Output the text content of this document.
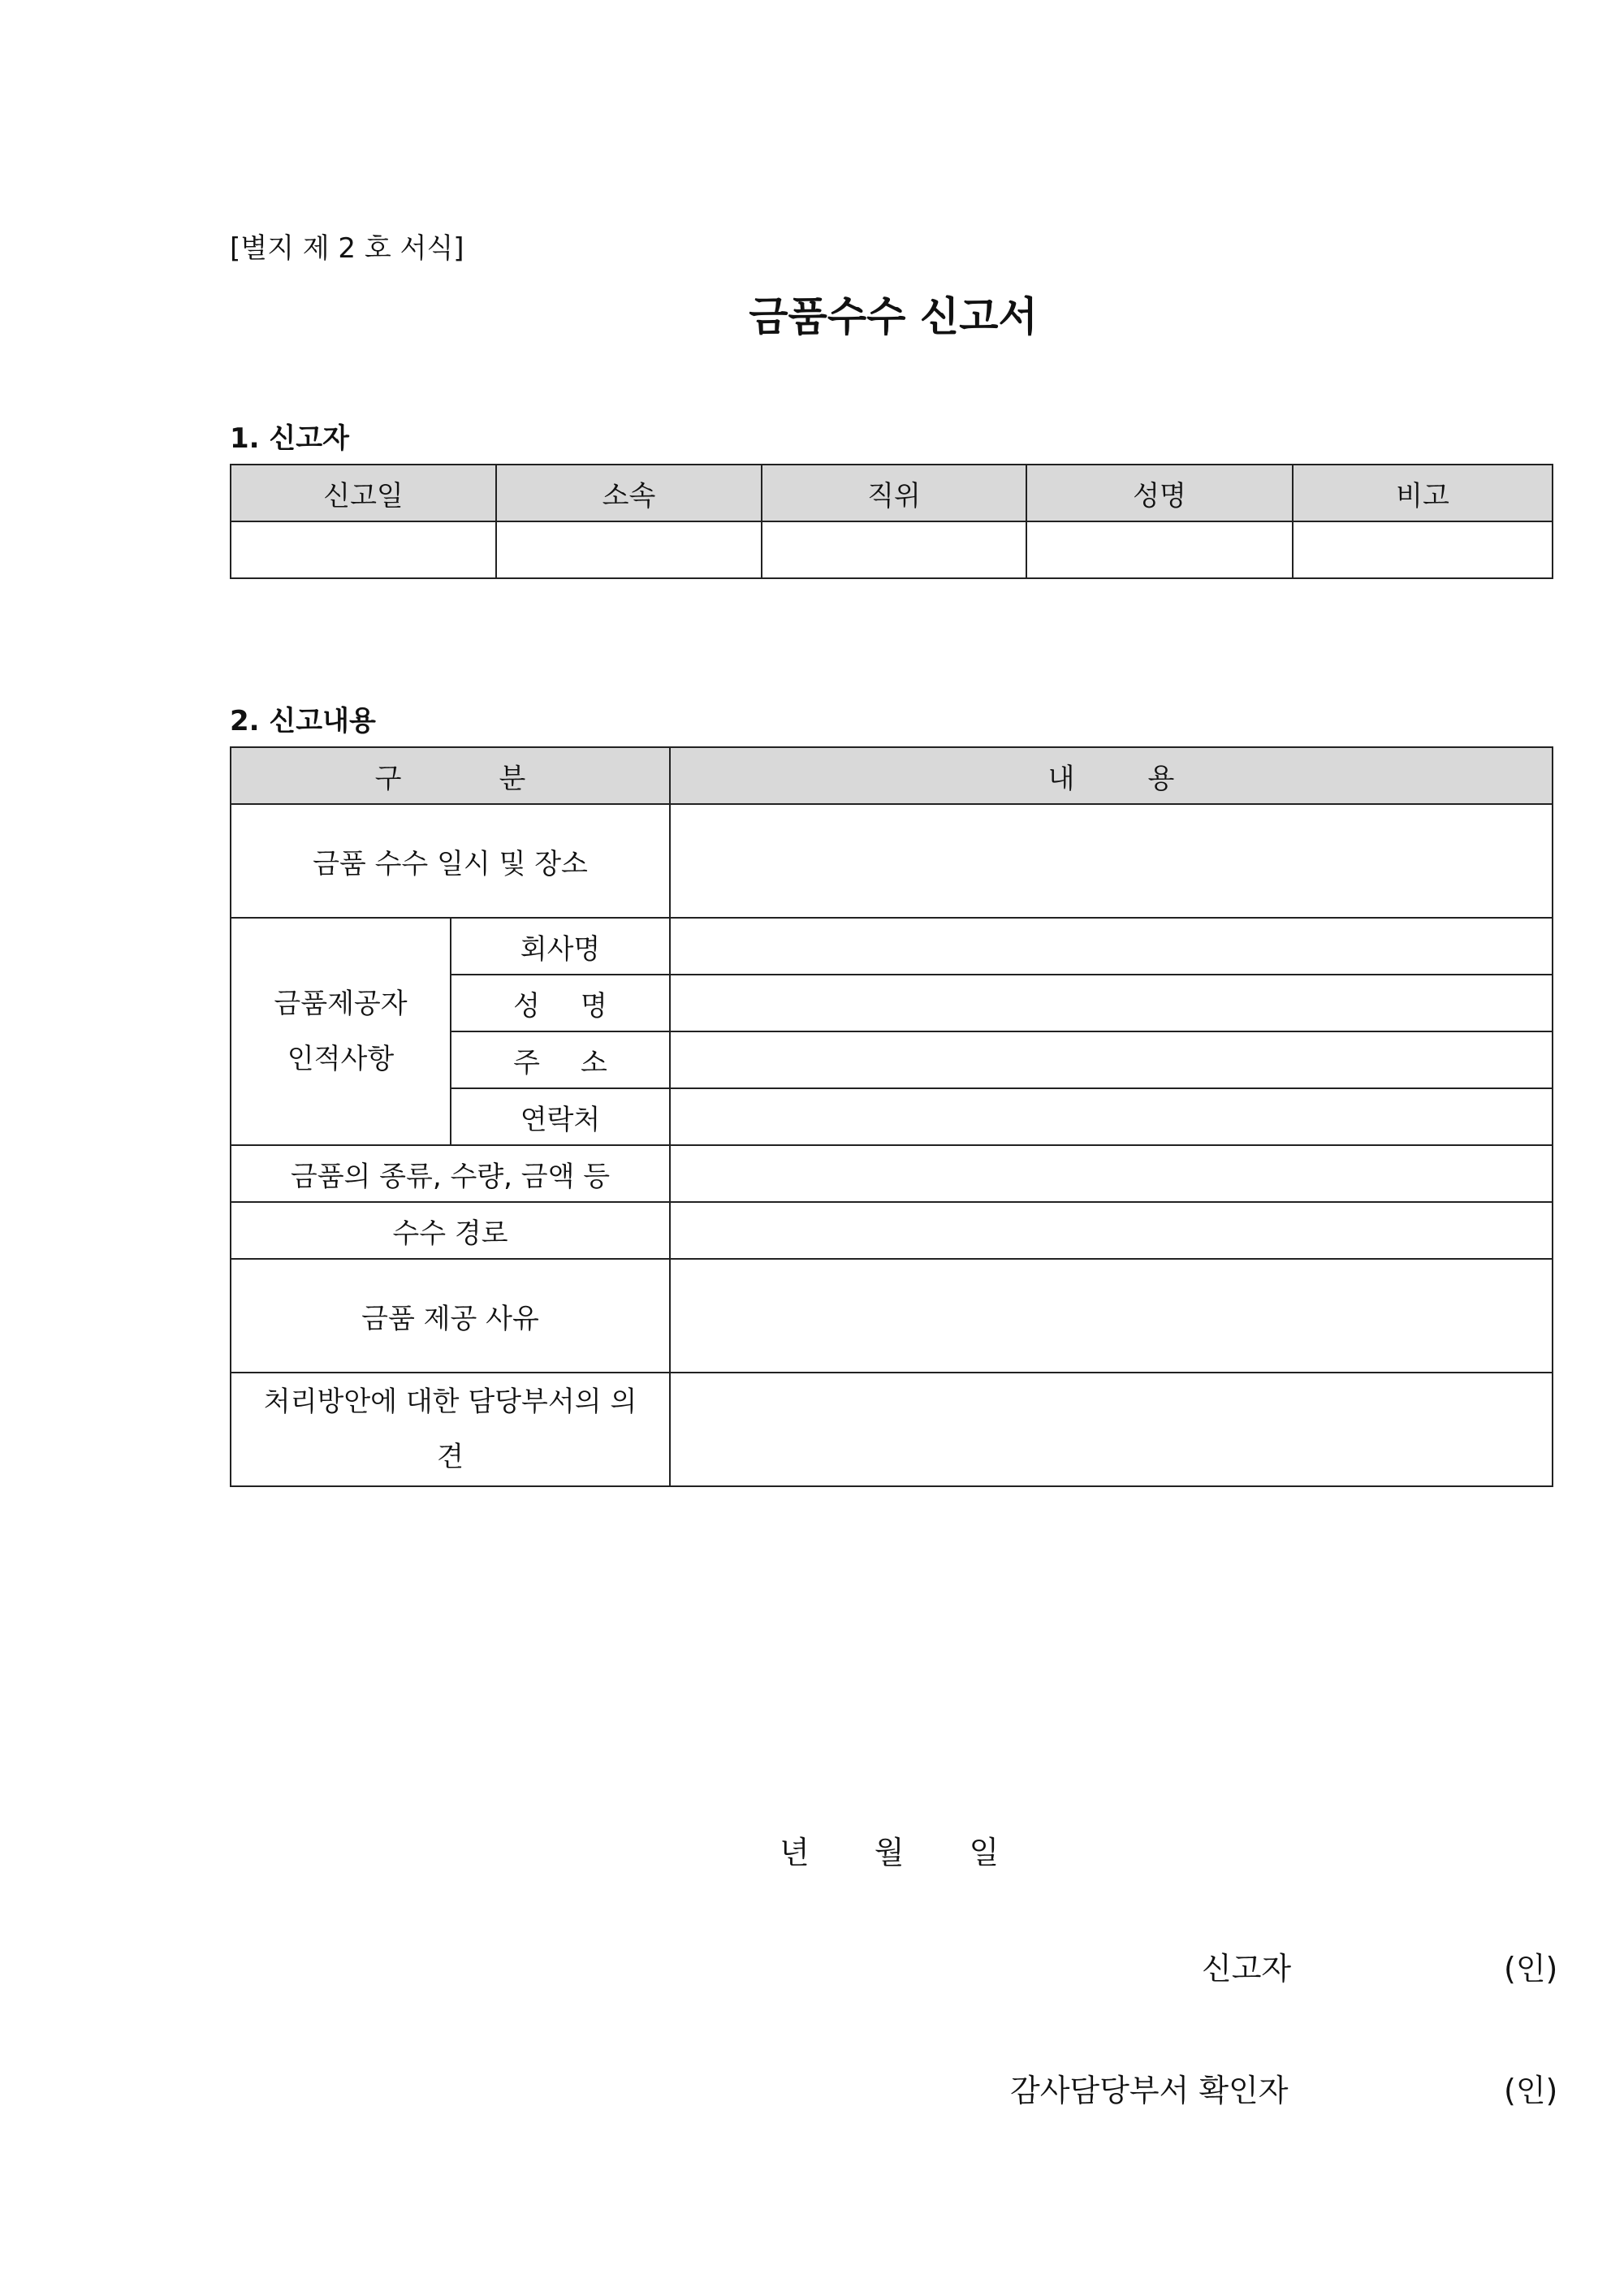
[별지 제 2 호 서식]
금품수수 신고서
1. 신고자
신고일	소속	직위	성명	비고

2. 신고내용
구 분		내 용
금품 수수 일시 및 장소		

금품제공자
인적사항	회사명	
	성 명	
	주 소	
	연락처	
금품의 종류, 수량, 금액 등		
수수 경로		
금품 제공 사유		

처리방안에 대한 담당부서의 의
견		

년 월 일
신고자	(인)
감사담당부서 확인자	(인)
